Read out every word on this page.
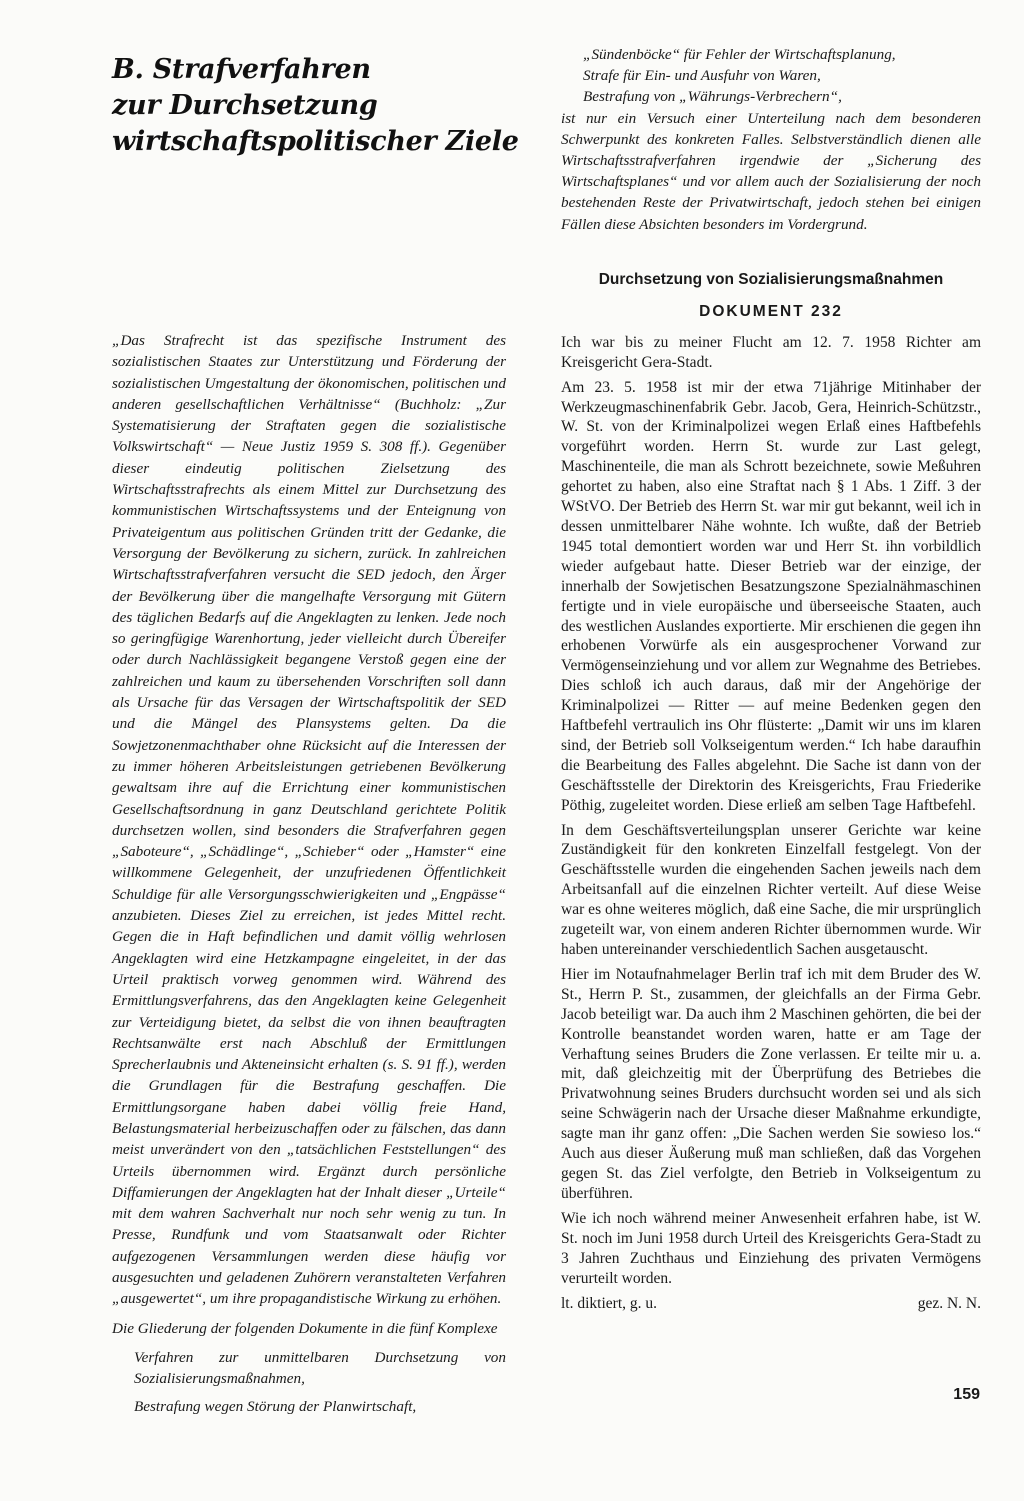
B. Strafverfahren
zur Durchsetzung
wirtschaftspolitischer Ziele

„Das Strafrecht ist das spezifische Instrument des sozialistischen Staates zur Unterstützung und Förderung der sozialistischen Umgestaltung der ökonomischen, politischen und anderen gesellschaftlichen Verhältnisse“ (Buchholz: „Zur Systematisierung der Straftaten gegen die sozialistische Volkswirtschaft“ — Neue Justiz 1959 S. 308 ff.). Gegenüber dieser eindeutig politischen Zielsetzung des Wirtschaftsstrafrechts als einem Mittel zur Durchsetzung des kommunistischen Wirtschaftssystems und der Enteignung von Privateigentum aus politischen Gründen tritt der Gedanke, die Versorgung der Bevölkerung zu sichern, zurück. In zahlreichen Wirtschaftsstrafverfahren versucht die SED jedoch, den Ärger der Bevölkerung über die mangelhafte Versorgung mit Gütern des täglichen Bedarfs auf die Angeklagten zu lenken. Jede noch so geringfügige Warenhortung, jeder vielleicht durch Übereifer oder durch Nachlässigkeit begangene Verstoß gegen eine der zahlreichen und kaum zu übersehenden Vorschriften soll dann als Ursache für das Versagen der Wirtschaftspolitik der SED und die Mängel des Plansystems gelten. Da die Sowjetzonenmachthaber ohne Rücksicht auf die Interessen der zu immer höheren Arbeitsleistungen getriebenen Bevölkerung gewaltsam ihre auf die Errichtung einer kommunistischen Gesellschaftsordnung in ganz Deutschland gerichtete Politik durchsetzen wollen, sind besonders die Strafverfahren gegen „Saboteure“, „Schädlinge“, „Schieber“ oder „Hamster“ eine willkommene Gelegenheit, der unzufriedenen Öffentlichkeit Schuldige für alle Versorgungsschwierigkeiten und „Engpässe“ anzubieten. Dieses Ziel zu erreichen, ist jedes Mittel recht. Gegen die in Haft befindlichen und damit völlig wehrlosen Angeklagten wird eine Hetzkampagne eingeleitet, in der das Urteil praktisch vorweg genommen wird. Während des Ermittlungsverfahrens, das den Angeklagten keine Gelegenheit zur Verteidigung bietet, da selbst die von ihnen beauftragten Rechtsanwälte erst nach Abschluß der Ermittlungen Sprecherlaubnis und Akteneinsicht erhalten (s. S. 91 ff.), werden die Grundlagen für die Bestrafung geschaffen. Die Ermittlungsorgane haben dabei völlig freie Hand, Belastungsmaterial herbeizuschaffen oder zu fälschen, das dann meist unverändert von den „tatsächlichen Feststellungen“ des Urteils übernommen wird. Ergänzt durch persönliche Diffamierungen der Angeklagten hat der Inhalt dieser „Urteile“ mit dem wahren Sachverhalt nur noch sehr wenig zu tun. In Presse, Rundfunk und vom Staatsanwalt oder Richter aufgezogenen Versammlungen werden diese häufig vor ausgesuchten und geladenen Zuhörern veranstalteten Verfahren „ausgewertet“, um ihre propagandistische Wirkung zu erhöhen.

Die Gliederung der folgenden Dokumente in die fünf Komplexe

Verfahren zur unmittelbaren Durchsetzung von Sozialisierungsmaßnahmen,

Bestrafung wegen Störung der Planwirtschaft,

„Sündenböcke“ für Fehler der Wirtschaftsplanung,

Strafe für Ein- und Ausfuhr von Waren,

Bestrafung von „Währungs-Verbrechern“,

ist nur ein Versuch einer Unterteilung nach dem besonderen Schwerpunkt des konkreten Falles. Selbstverständlich dienen alle Wirtschaftsstrafverfahren irgendwie der „Sicherung des Wirtschaftsplanes“ und vor allem auch der Sozialisierung der noch bestehenden Reste der Privatwirtschaft, jedoch stehen bei einigen Fällen diese Absichten besonders im Vordergrund.

Durchsetzung von Sozialisierungsmaßnahmen
DOKUMENT 232

Ich war bis zu meiner Flucht am 12. 7. 1958 Richter am Kreisgericht Gera-Stadt.

Am 23. 5. 1958 ist mir der etwa 71jährige Mitinhaber der Werkzeugmaschinenfabrik Gebr. Jacob, Gera, Heinrich-Schützstr., W. St. von der Kriminalpolizei wegen Erlaß eines Haftbefehls vorgeführt worden. Herrn St. wurde zur Last gelegt, Maschinenteile, die man als Schrott bezeichnete, sowie Meßuhren gehortet zu haben, also eine Straftat nach § 1 Abs. 1 Ziff. 3 der WStVO. Der Betrieb des Herrn St. war mir gut bekannt, weil ich in dessen unmittelbarer Nähe wohnte. Ich wußte, daß der Betrieb 1945 total demontiert worden war und Herr St. ihn vorbildlich wieder aufgebaut hatte. Dieser Betrieb war der einzige, der innerhalb der Sowjetischen Besatzungszone Spezialnähmaschinen fertigte und in viele europäische und überseeische Staaten, auch des westlichen Auslandes exportierte. Mir erschienen die gegen ihn erhobenen Vorwürfe als ein ausgesprochener Vorwand zur Vermögenseinziehung und vor allem zur Wegnahme des Betriebes. Dies schloß ich auch daraus, daß mir der Angehörige der Kriminalpolizei — Ritter — auf meine Bedenken gegen den Haftbefehl vertraulich ins Ohr flüsterte: „Damit wir uns im klaren sind, der Betrieb soll Volkseigentum werden.“ Ich habe daraufhin die Bearbeitung des Falles abgelehnt. Die Sache ist dann von der Geschäftsstelle der Direktorin des Kreisgerichts, Frau Friederike Pöthig, zugeleitet worden. Diese erließ am selben Tage Haftbefehl.

In dem Geschäftsverteilungsplan unserer Gerichte war keine Zuständigkeit für den konkreten Einzelfall festgelegt. Von der Geschäftsstelle wurden die eingehenden Sachen jeweils nach dem Arbeitsanfall auf die einzelnen Richter verteilt. Auf diese Weise war es ohne weiteres möglich, daß eine Sache, die mir ursprünglich zugeteilt war, von einem anderen Richter übernommen wurde. Wir haben untereinander verschiedentlich Sachen ausgetauscht.

Hier im Notaufnahmelager Berlin traf ich mit dem Bruder des W. St., Herrn P. St., zusammen, der gleichfalls an der Firma Gebr. Jacob beteiligt war. Da auch ihm 2 Maschinen gehörten, die bei der Kontrolle beanstandet worden waren, hatte er am Tage der Verhaftung seines Bruders die Zone verlassen. Er teilte mir u. a. mit, daß gleichzeitig mit der Überprüfung des Betriebes die Privatwohnung seines Bruders durchsucht worden sei und als sich seine Schwägerin nach der Ursache dieser Maßnahme erkundigte, sagte man ihr ganz offen: „Die Sachen werden Sie sowieso los.“ Auch aus dieser Äußerung muß man schließen, daß das Vorgehen gegen St. das Ziel verfolgte, den Betrieb in Volkseigentum zu überführen.

Wie ich noch während meiner Anwesenheit erfahren habe, ist W. St. noch im Juni 1958 durch Urteil des Kreisgerichts Gera-Stadt zu 3 Jahren Zuchthaus und Einziehung des privaten Vermögens verurteilt worden.

lt. diktiert, g. u.	gez. N. N.
159
